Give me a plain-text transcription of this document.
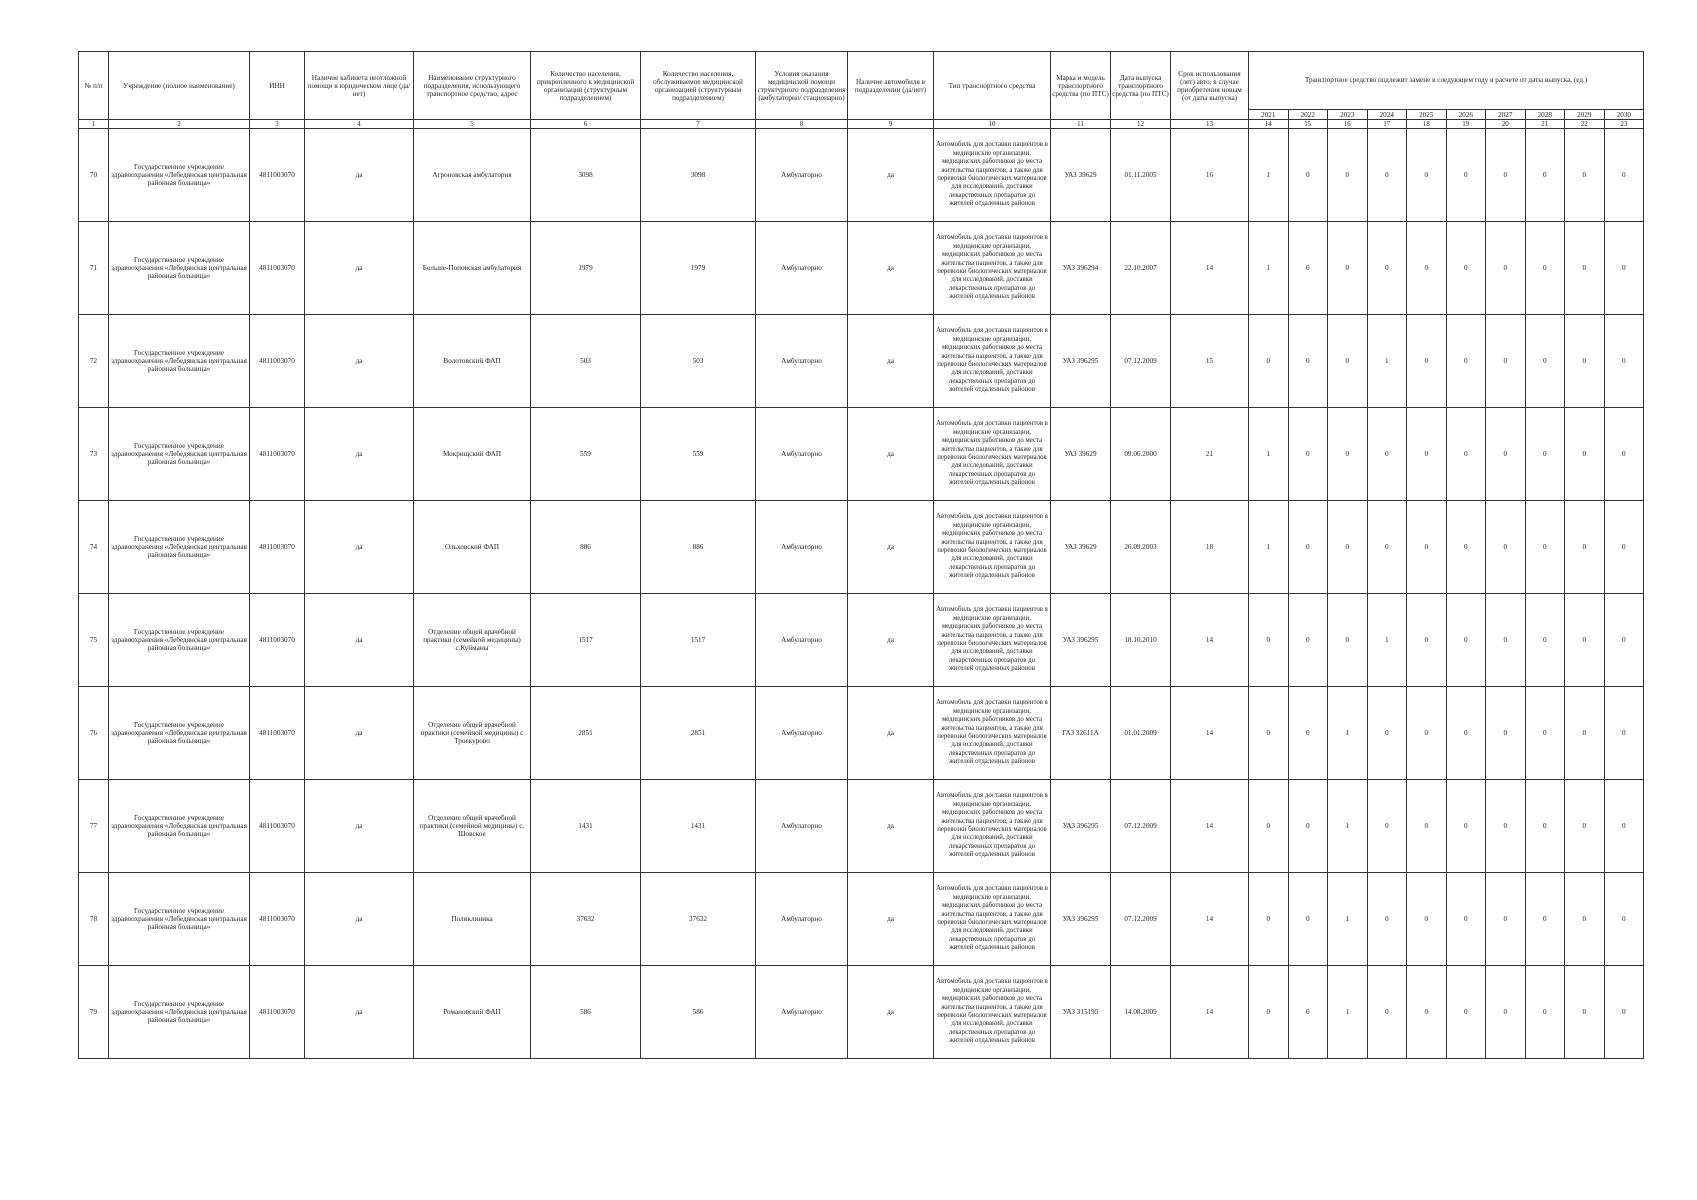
№ п/п	Учреждение (полное наименование)	ИНН	Наличие кабинета неотложной помощи в юридическом лице (да/нет)	Наименование структурного подразделения, использующего транспортное средство, адрес	Количество населения, прикрепленного к медицинской организации (структурным подразделением)	Количество населения, обслуживаемое медицинской организацией (структурным подразделением)	Условия оказания медицинской помощи структурного подразделения (амбулаторно/ стационарно)	Наличие автомобиля в подразделении (да/нет)	Тип транспортного средства	Марка и модель транспортного средства (по ПТС)	Дата выпуска транспортного средства (по ПТС)	Срок использования (лет) авто, в случае приобретения новым (от даты выпуска)	Транспортное средство подлежит замене в следующем году в расчете от даты выпуска, (ед.)									
													2021	2022	2023	2024	2025	2026	2027	2028	2029	2030
1	2	3	4	5	6	7	8	9	10	11	12	13	14	15	16	17	18	19	20	21	22	23
70	Государственное учреждение здравоохранения «Лебедянская центральная районная больница»	4811003070	да	Агроновская амбулатория	3098	3098	Амбулаторно	да	Автомобиль для доставки пациентов в медицинские организации, медицинских работников до места жительства пациентов, а также для перевозки биологических материалов для исследований, доставки лекарственных препаратов до жителей отдаленных районов	УАЗ 39629	01.11.2005	16	1	0	0	0	0	0	0	0	0	0
71	Государственное учреждение здравоохранения «Лебедянская центральная районная больница»	4811003070	да	Больше-Поповская амбулатория	1979	1979	Амбулаторно	да	Автомобиль для доставки пациентов в медицинские организации, медицинских работников до места жительства пациентов, а также для перевозки биологических материалов для исследований, доставки лекарственных препаратов до жителей отдаленных районов	УАЗ 396294	22.10.2007	14	1	0	0	0	0	0	0	0	0	0
72	Государственное учреждение здравоохранения «Лебедянская центральная районная больница»	4811003070	да	Волотовский ФАП	503	503	Амбулаторно	да	Автомобиль для доставки пациентов в медицинские организации, медицинских работников до места жительства пациентов, а также для перевозки биологических материалов для исследований, доставки лекарственных препаратов до жителей отдаленных районов	УАЗ 396295	07.12.2009	15	0	0	0	1	0	0	0	0	0	0
73	Государственное учреждение здравоохранения «Лебедянская центральная районная больница»	4811003070	да	Мокрищский ФАП	559	559	Амбулаторно	да	Автомобиль для доставки пациентов в медицинские организации, медицинских работников до места жительства пациентов, а также для перевозки биологических материалов для исследований, доставки лекарственных препаратов до жителей отдаленных районов	УАЗ 39629	09.06.2000	21	1	0	0	0	0	0	0	0	0	0
74	Государственное учреждение здравоохранения «Лебедянская центральная районная больница»	4811003070	да	Ольховский ФАП	886	886	Амбулаторно	да	Автомобиль для доставки пациентов в медицинские организации, медицинских работников до места жительства пациентов, а также для перевозки биологических материалов для исследований, доставки лекарственных препаратов до жителей отдаленных районов	УАЗ 39629	26.09.2003	18	1	0	0	0	0	0	0	0	0	0
75	Государственное учреждение здравоохранения «Лебедянская центральная районная больница»	4811003070	да	Отделение общей врачебной практики (семейной медицины) с.Куйманы	1517	1517	Амбулаторно	да	Автомобиль для доставки пациентов в медицинские организации, медицинских работников до места жительства пациентов, а также для перевозки биологических материалов для исследований, доставки лекарственных препаратов до жителей отдаленных районов	УАЗ 396295	18.10.2010	14	0	0	0	1	0	0	0	0	0	0
76	Государственное учреждение здравоохранения «Лебедянская центральная районная больница»	4811003070	да	Отделение общей врачебной практики (семейной медицины) с Троекурово	2851	2851	Амбулаторно	да	Автомобиль для доставки пациентов в медицинские организации, медицинских работников до места жительства пациентов, а также для перевозки биологических материалов для исследований, доставки лекарственных препаратов до жителей отдаленных районов	ГАЗ 32611А	01.01.2009	14	0	0	1	0	0	0	0	0	0	0
77	Государственное учреждение здравоохранения «Лебедянская центральная районная больница»	4811003070	да	Отделение общей врачебной практики (семейной медицины) с. Шовское	1431	1431	Амбулаторно	да	Автомобиль для доставки пациентов в медицинские организации, медицинских работников до места жительства пациентов, а также для перевозки биологических материалов для исследований, доставки лекарственных препаратов до жителей отдаленных районов	УАЗ 396295	07.12.2009	14	0	0	1	0	0	0	0	0	0	0
78	Государственное учреждение здравоохранения «Лебедянская центральная районная больница»	4811003070	да	Поликлиника	37632	37632	Амбулаторно	да	Автомобиль для доставки пациентов в медицинские организации, медицинских работников до места жительства пациентов, а также для перевозки биологических материалов для исследований, доставки лекарственных препаратов до жителей отдаленных районов	УАЗ 396295	07.12.2009	14	0	0	1	0	0	0	0	0	0	0
79	Государственное учреждение здравоохранения «Лебедянская центральная районная больница»	4811003070	да	Романовский ФАП	586	586	Амбулаторно	да	Автомобиль для доставки пациентов в медицинские организации, медицинских работников до места жительства пациентов, а также для перевозки биологических материалов для исследований, доставки лекарственных препаратов до жителей отдаленных районов	УАЗ 315195	14.08.2009	14	0	0	1	0	0	0	0	0	0	0
